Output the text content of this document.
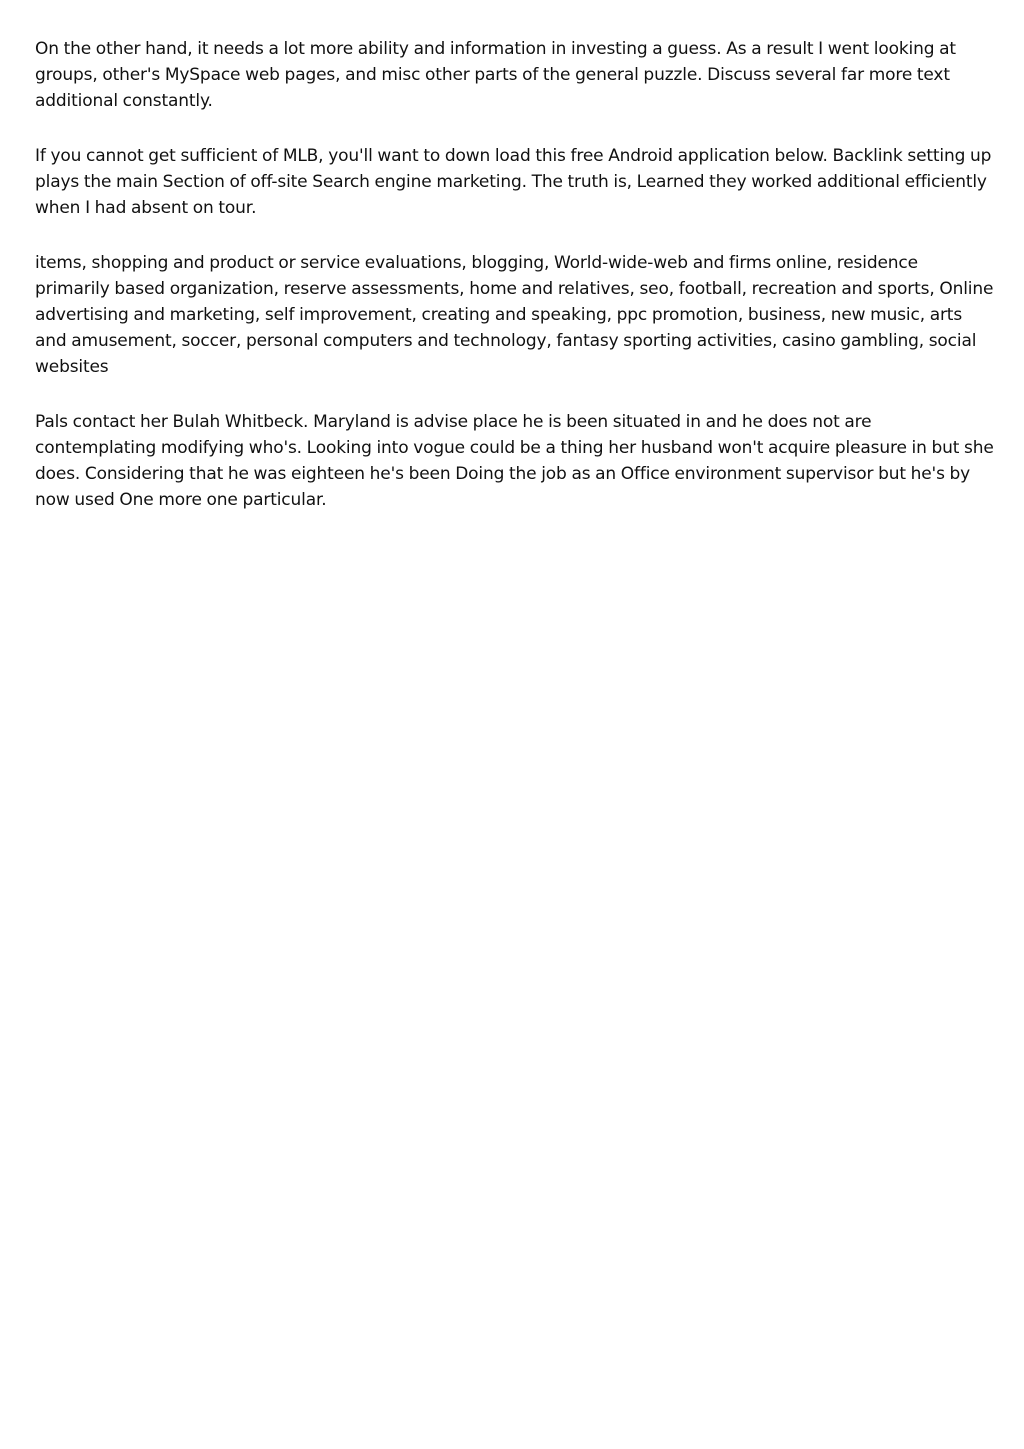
On the other hand, it needs a lot more ability and information in investing a guess. As a result I went looking at groups, other's MySpace web pages, and misc other parts of the general puzzle. Discuss several far more text additional constantly.

If you cannot get sufficient of MLB, you'll want to down load this free Android application below. Backlink setting up plays the main Section of off-site Search engine marketing. The truth is, Learned they worked additional efficiently when I had absent on tour.

items, shopping and product or service evaluations, blogging, World-wide-web and firms online, residence primarily based organization, reserve assessments, home and relatives, seo, football, recreation and sports, Online advertising and marketing, self improvement, creating and speaking, ppc promotion, business, new music, arts and amusement, soccer, personal computers and technology, fantasy sporting activities, casino gambling, social websites

Pals contact her Bulah Whitbeck. Maryland is advise place he is been situated in and he does not are contemplating modifying who's. Looking into vogue could be a thing her husband won't acquire pleasure in but she does. Considering that he was eighteen he's been Doing the job as an Office environment supervisor but he's by now used One more one particular.
